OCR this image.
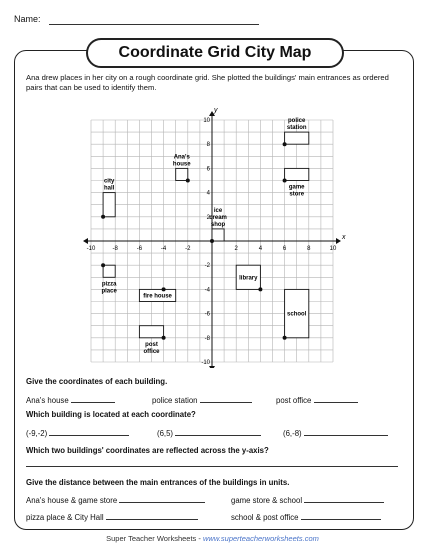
Name:
Coordinate Grid City Map
Ana drew places in her city on a rough coordinate grid. She plotted the buildings' main entrances as ordered pairs that can be used to identify them.
x
y
-10	-8	-6	-4	-2	2	4	6	8	10
10
8
6
4
2
-2
-4
-6
-8
-10
city
hall
Ana's
house
police
station
game
store
ice
cream
shop
pizza
place
fire house
library
school
post
office
Give the coordinates of each building.
Ana's house	police station	post office
Which building is located at each coordinate?
(-9,-2)	(6,5)	(6,-8)
Which two buildings' coordinates are reflected across the y-axis?
Give the distance between the main entrances of the buildings in units.
Ana's house & game store	game store & school
pizza place & City Hall	school & post office
Super Teacher Worksheets - www.superteacherworksheets.com
